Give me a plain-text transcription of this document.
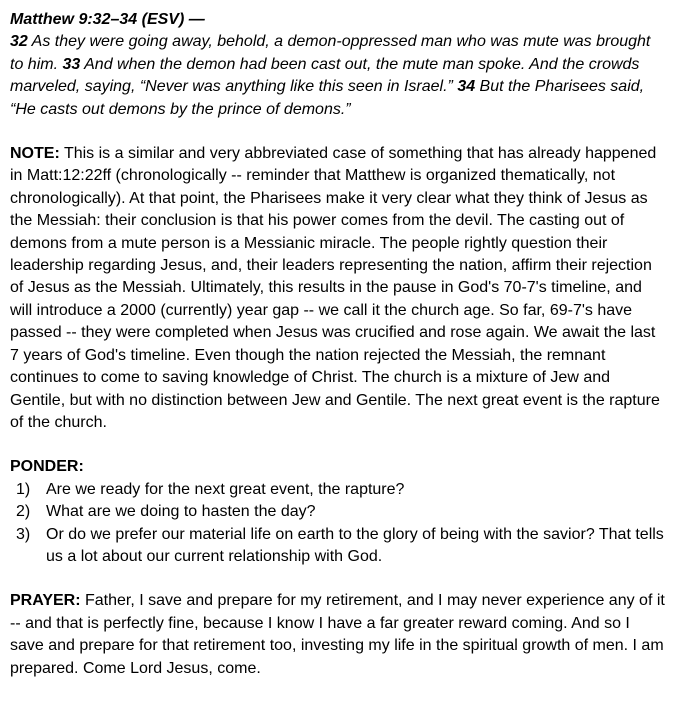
Matthew 9:32–34 (ESV) —

32 As they were going away, behold, a demon-oppressed man who was mute was brought to him. 33 And when the demon had been cast out, the mute man spoke. And the crowds marveled, saying, “Never was anything like this seen in Israel.” 34 But the Pharisees said, “He casts out demons by the prince of demons.”

NOTE: This is a similar and very abbreviated case of something that has already happened in Matt:12:22ff (chronologically -- reminder that Matthew is organized thematically, not chronologically). At that point, the Pharisees make it very clear what they think of Jesus as the Messiah: their conclusion is that his power comes from the devil. The casting out of demons from a mute person is a Messianic miracle. The people rightly question their leadership regarding Jesus, and, their leaders representing the nation, affirm their rejection of Jesus as the Messiah. Ultimately, this results in the pause in God's 70-7's timeline, and will introduce a 2000 (currently) year gap -- we call it the church age. So far, 69-7's have passed -- they were completed when Jesus was crucified and rose again. We await the last 7 years of God's timeline. Even though the nation rejected the Messiah, the remnant continues to come to saving knowledge of Christ. The church is a mixture of Jew and Gentile, but with no distinction between Jew and Gentile. The next great event is the rapture of the church.

PONDER:

1) Are we ready for the next great event, the rapture?
2) What are we doing to hasten the day?
3) Or do we prefer our material life on earth to the glory of being with the savior? That tells us a lot about our current relationship with God.

PRAYER: Father, I save and prepare for my retirement, and I may never experience any of it -- and that is perfectly fine, because I know I have a far greater reward coming. And so I save and prepare for that retirement too, investing my life in the spiritual growth of men. I am prepared. Come Lord Jesus, come.
